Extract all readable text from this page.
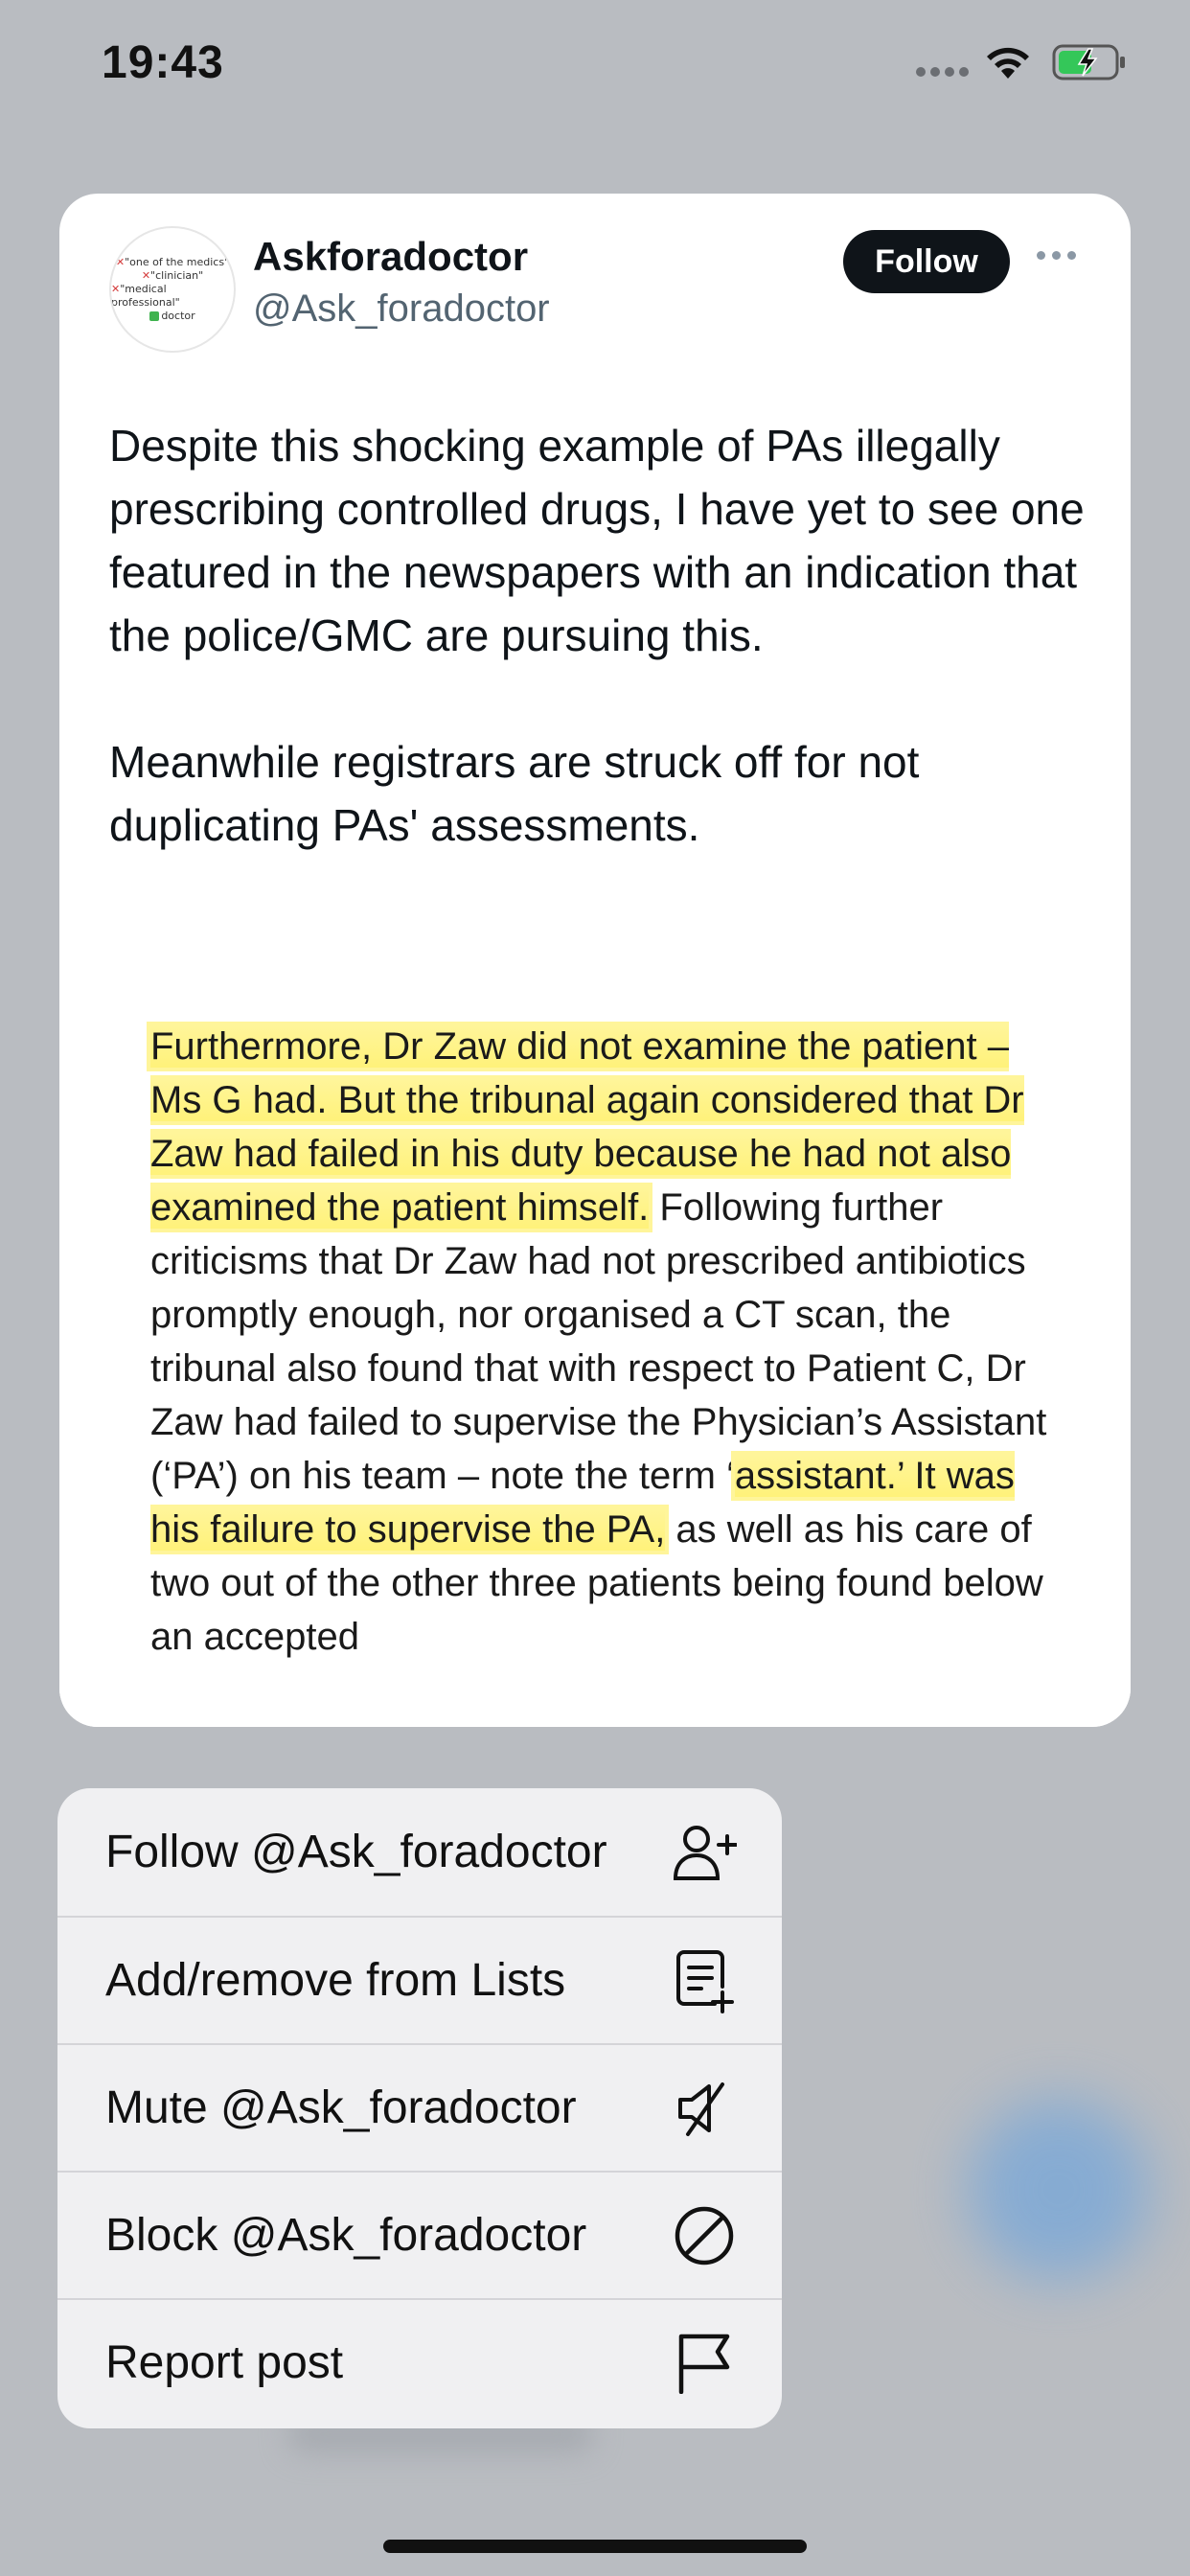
19:43
✕"one of the medics"
✕"clinician"
✕"medical professional"
doctor
Askforadoctor
@Ask_foradoctor
Follow

Despite this shocking example of PAs illegally prescribing controlled drugs, I have yet to see one featured in the newspapers with an indication that the police/GMC are pursuing this.

Meanwhile registrars are struck off for not duplicating PAs' assessments.

Furthermore, Dr Zaw did not examine the patient – Ms G had. But the tribunal again considered that Dr Zaw had failed in his duty because he had not also examined the patient himself. Following further criticisms that Dr Zaw had not prescribed antibiotics promptly enough, nor organised a CT scan, the tribunal also found that with respect to Patient C, Dr Zaw had failed to supervise the Physician’s Assistant (‘PA’) on his team – note the term ‘assistant.’ It was his failure to supervise the PA, as well as his care of two out of the other three patients being found below an accepted
Follow @Ask_foradoctor
Add/remove from Lists
Mute @Ask_foradoctor
Block @Ask_foradoctor
Report post
